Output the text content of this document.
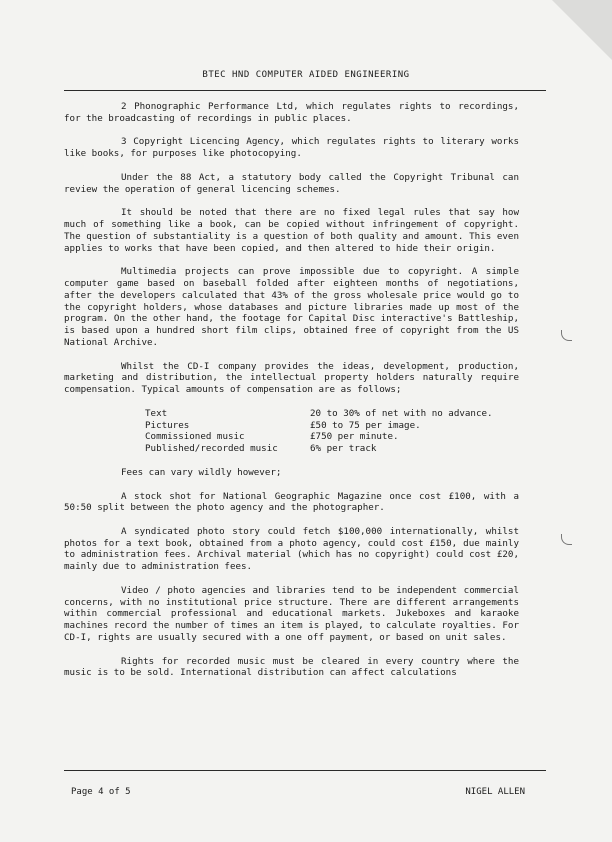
BTEC HND COMPUTER AIDED ENGINEERING

2 Phonographic Performance Ltd, which regulates rights to recordings, for the broadcasting of recordings in public places.

3 Copyright Licencing Agency, which regulates rights to literary works like books, for purposes like photocopying.

Under the 88 Act, a statutory body called the Copyright Tribunal can review the operation of general licencing schemes.

It should be noted that there are no fixed legal rules that say how much of something like a book, can be copied without infringement of copyright. The question of substantiality is a question of both quality and amount. This even applies to works that have been copied, and then altered to hide their origin.

Multimedia projects can prove impossible due to copyright. A simple computer game based on baseball folded after eighteen months of negotiations, after the developers calculated that 43% of the gross wholesale price would go to the copyright holders, whose databases and picture libraries made up most of the program. On the other hand, the footage for Capital Disc interactive's Battleship, is based upon a hundred short film clips, obtained free of copyright from the US National Archive.

Whilst the CD-I company provides the ideas, development, production, marketing and distribution, the intellectual property holders naturally require compensation. Typical amounts of compensation are as follows;

Text	20 to 30% of net with no advance.
Pictures	£50 to 75 per image.
Commissioned music	£750 per minute.
Published/recorded music	6% per track

Fees can vary wildly however;

A stock shot for National Geographic Magazine once cost £100, with a 50:50 split between the photo agency and the photographer.

A syndicated photo story could fetch $100,000 internationally, whilst photos for a text book, obtained from a photo agency, could cost £150, due mainly to administration fees. Archival material (which has no copyright) could cost £20, mainly due to administration fees.

Video / photo agencies and libraries tend to be independent commercial concerns, with no institutional price structure. There are different arrangements within commercial professional and educational markets. Jukeboxes and karaoke machines record the number of times an item is played, to calculate royalties. For CD-I, rights are usually secured with a one off payment, or based on unit sales.

Rights for recorded music must be cleared in every country where the music is to be sold. International distribution can affect calculations

Page 4 of 5	NIGEL ALLEN
